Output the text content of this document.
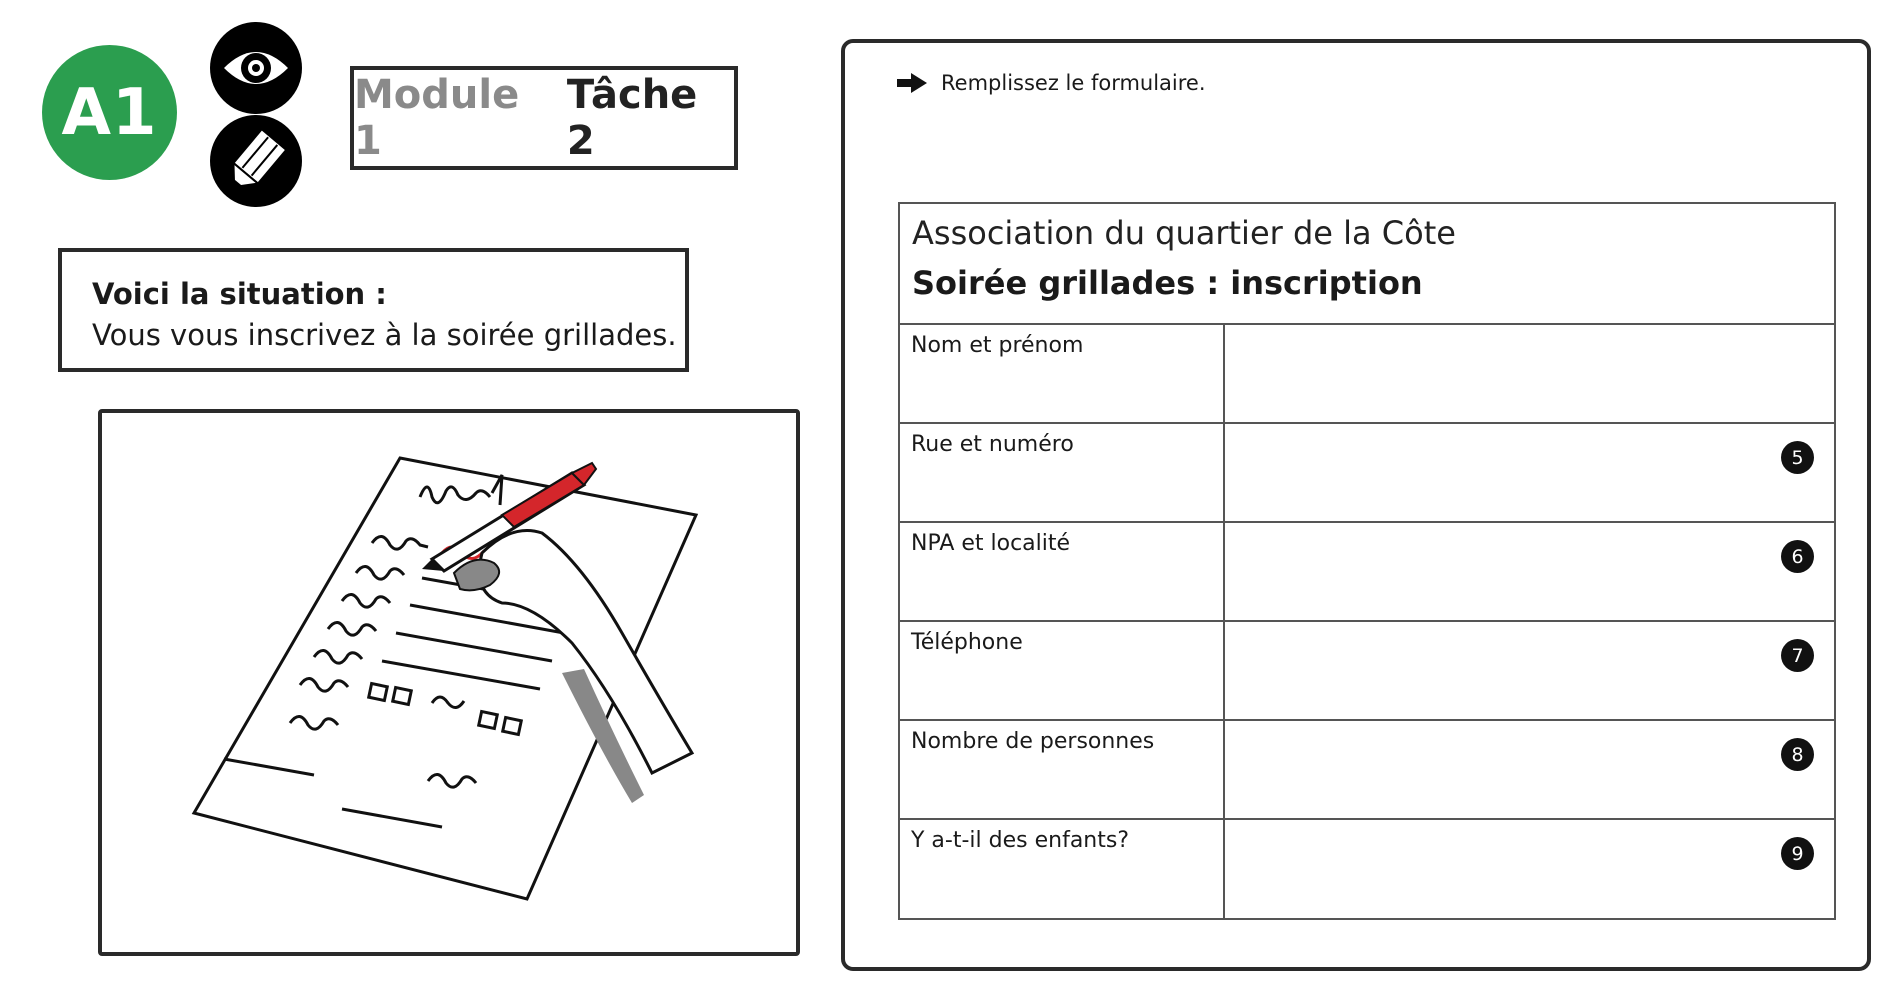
A1	Module 1
Tâche 2
Voici la situation :
Vous vous inscrivez à la soirée grillades.
Remplissez le formulaire.
Association du quartier de la Côte
Soirée grillades : inscription
Nom et prénom
Rue et numéro
5
NPA et localité
6
Téléphone
7
Nombre de personnes
8
Y a-t-il des enfants?
9
